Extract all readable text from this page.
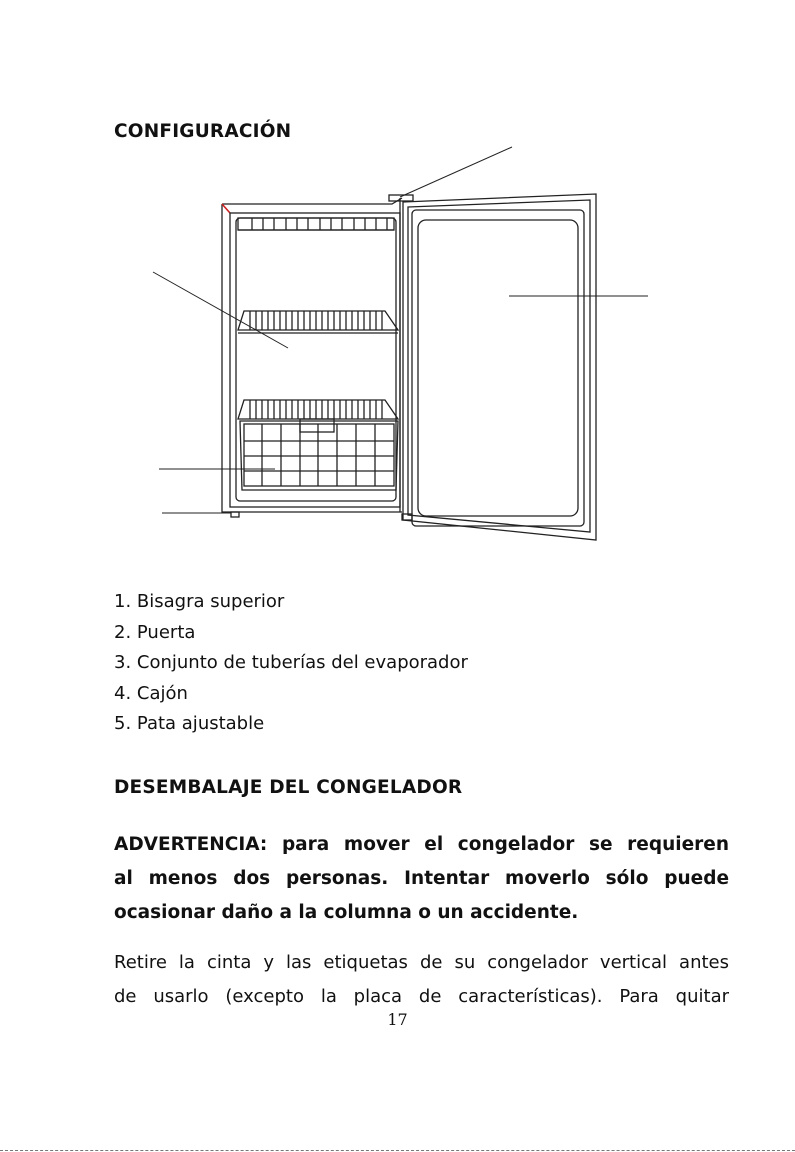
CONFIGURACIÓN
1. Bisagra superior
2. Puerta
3. Conjunto de tuberías del evaporador
4. Cajón
5. Pata ajustable
DESEMBALAJE DEL CONGELADOR
ADVERTENCIA: para mover el congelador se requieren
al menos dos personas. Intentar moverlo sólo puede
ocasionar daño a la columna o un accidente.
Retire la cinta y las etiquetas de su congelador vertical antes
de usarlo (excepto la placa de características). Para quitar
17
